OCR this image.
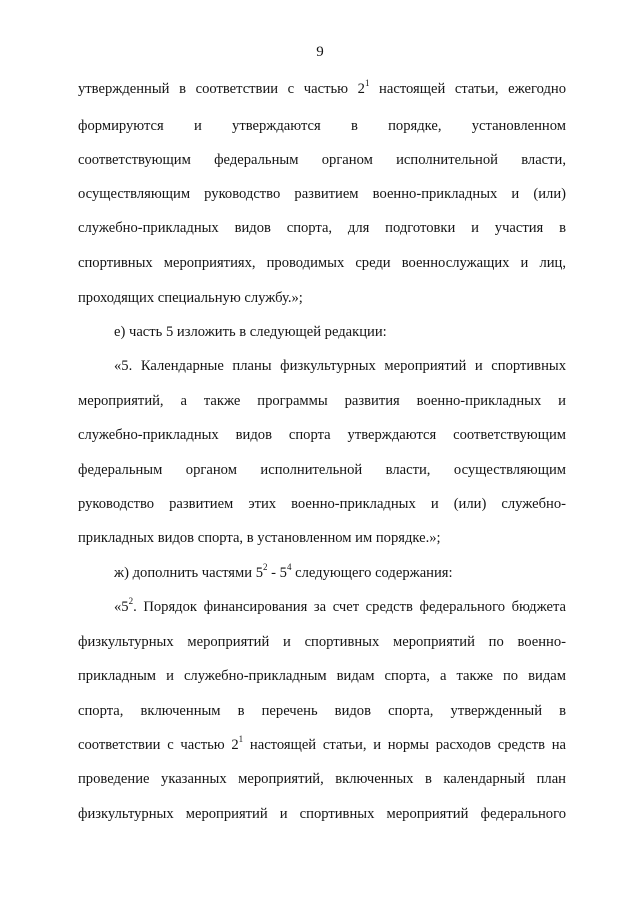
9
утвержденный в соответствии с частью $2^1$ настоящей статьи, ежегодно
формируются и утверждаются в порядке, установленном
соответствующим федеральным органом исполнительной власти,
осуществляющим руководство развитием военно-прикладных и (или)
служебно-прикладных видов спорта, для подготовки и участия в
спортивных мероприятиях, проводимых среди военнослужащих и лиц,
проходящих специальную службу.»;
е) часть 5 изложить в следующей редакции:
«5. Календарные планы физкультурных мероприятий и спортивных
мероприятий, а также программы развития военно-прикладных и
служебно-прикладных видов спорта утверждаются соответствующим
федеральным органом исполнительной власти, осуществляющим
руководство развитием этих военно-прикладных и (или) служебно-
прикладных видов спорта, в установленном им порядке.»;
ж) дополнить частями $5^2 - 5^4$ следующего содержания:
«$5^2$. Порядок финансирования за счет средств федерального бюджета
физкультурных мероприятий и спортивных мероприятий по военно-
прикладным и служебно-прикладным видам спорта, а также по видам
спорта, включенным в перечень видов спорта, утвержденный в
соответствии с частью $2^1$ настоящей статьи, и нормы расходов средств на
проведение указанных мероприятий, включенных в календарный план
физкультурных мероприятий и спортивных мероприятий федерального
